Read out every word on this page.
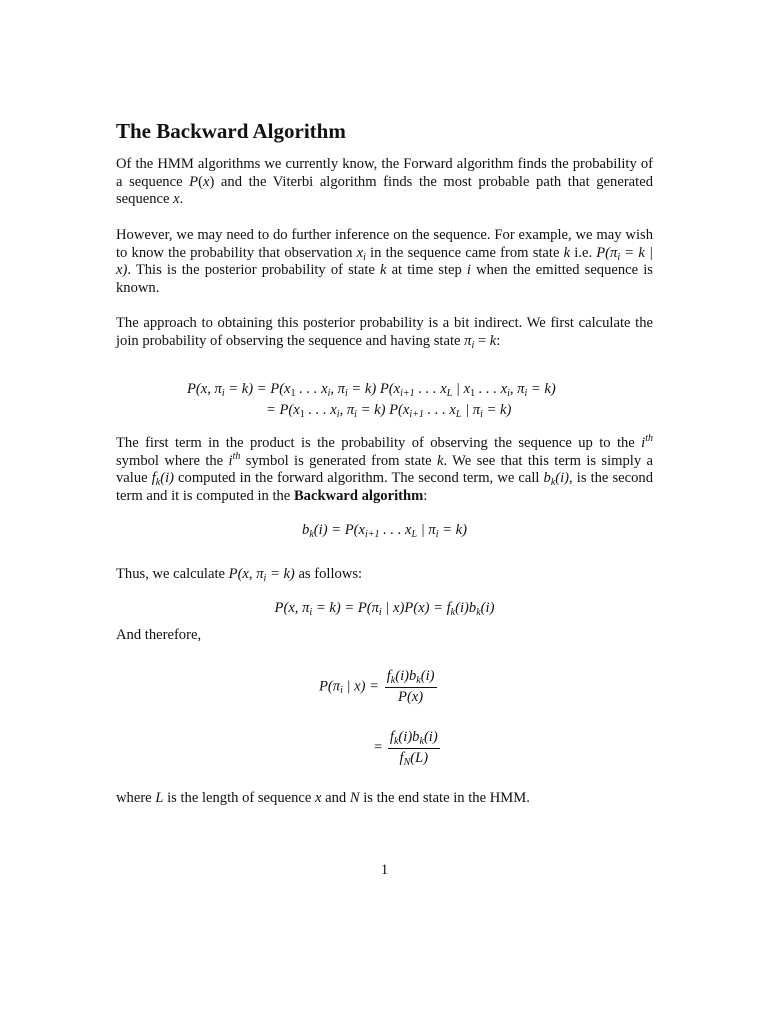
The Backward Algorithm

Of the HMM algorithms we currently know, the Forward algorithm finds the probability of a sequence P(x) and the Viterbi algorithm finds the most probable path that generated sequence x.

However, we may need to do further inference on the sequence. For example, we may wish to know the probability that observation $x_i$ in the sequence came from state k i.e. $P(\pi_i = k$ | x). This is the posterior probability of state k at time step i when the emitted sequence is known.

The approach to obtaining this posterior probability is a bit indirect. We first calculate the join probability of observing the sequence and having state $\pi_i = k$:

P(x, $\pi_i = k) = P(x_1$ . . . $x_i$, $\pi_i = k$) $P(x_{i+1}$ . . . $x_L$ | $x_1$ . . . $x_i$, $\pi_i = k$)
= $P(x_1$ . . . $x_i$, $\pi_i = k$) $P(x_{i+1}$ . . . $x_L$ | $\pi_i = k$)

The first term in the product is the probability of observing the sequence up to the $i^{th}$ symbol where the $i^{th}$ symbol is generated from state k. We see that this term is simply a value $f_k(i)$ computed in the forward algorithm. The second term, we call $b_k(i)$, is the second term and it is computed in the Backward algorithm:

$b_k(i) = P(x_{i+1}$ . . . $x_L$ | $\pi_i = k$)

Thus, we calculate P(x, $\pi_i = k$) as follows:

P(x, $\pi_i = k) = P(\pi_i$ | $x)P(x) = f_k(i)b_k(i)$

And therefore,

$P(\pi_i$ | $x) = \frac{f_k(i)b_k(i)}{P(x)}$
= $\frac{f_k(i)b_k(i)}{f_N(L)}$

where L is the length of sequence x and N is the end state in the HMM.

1
